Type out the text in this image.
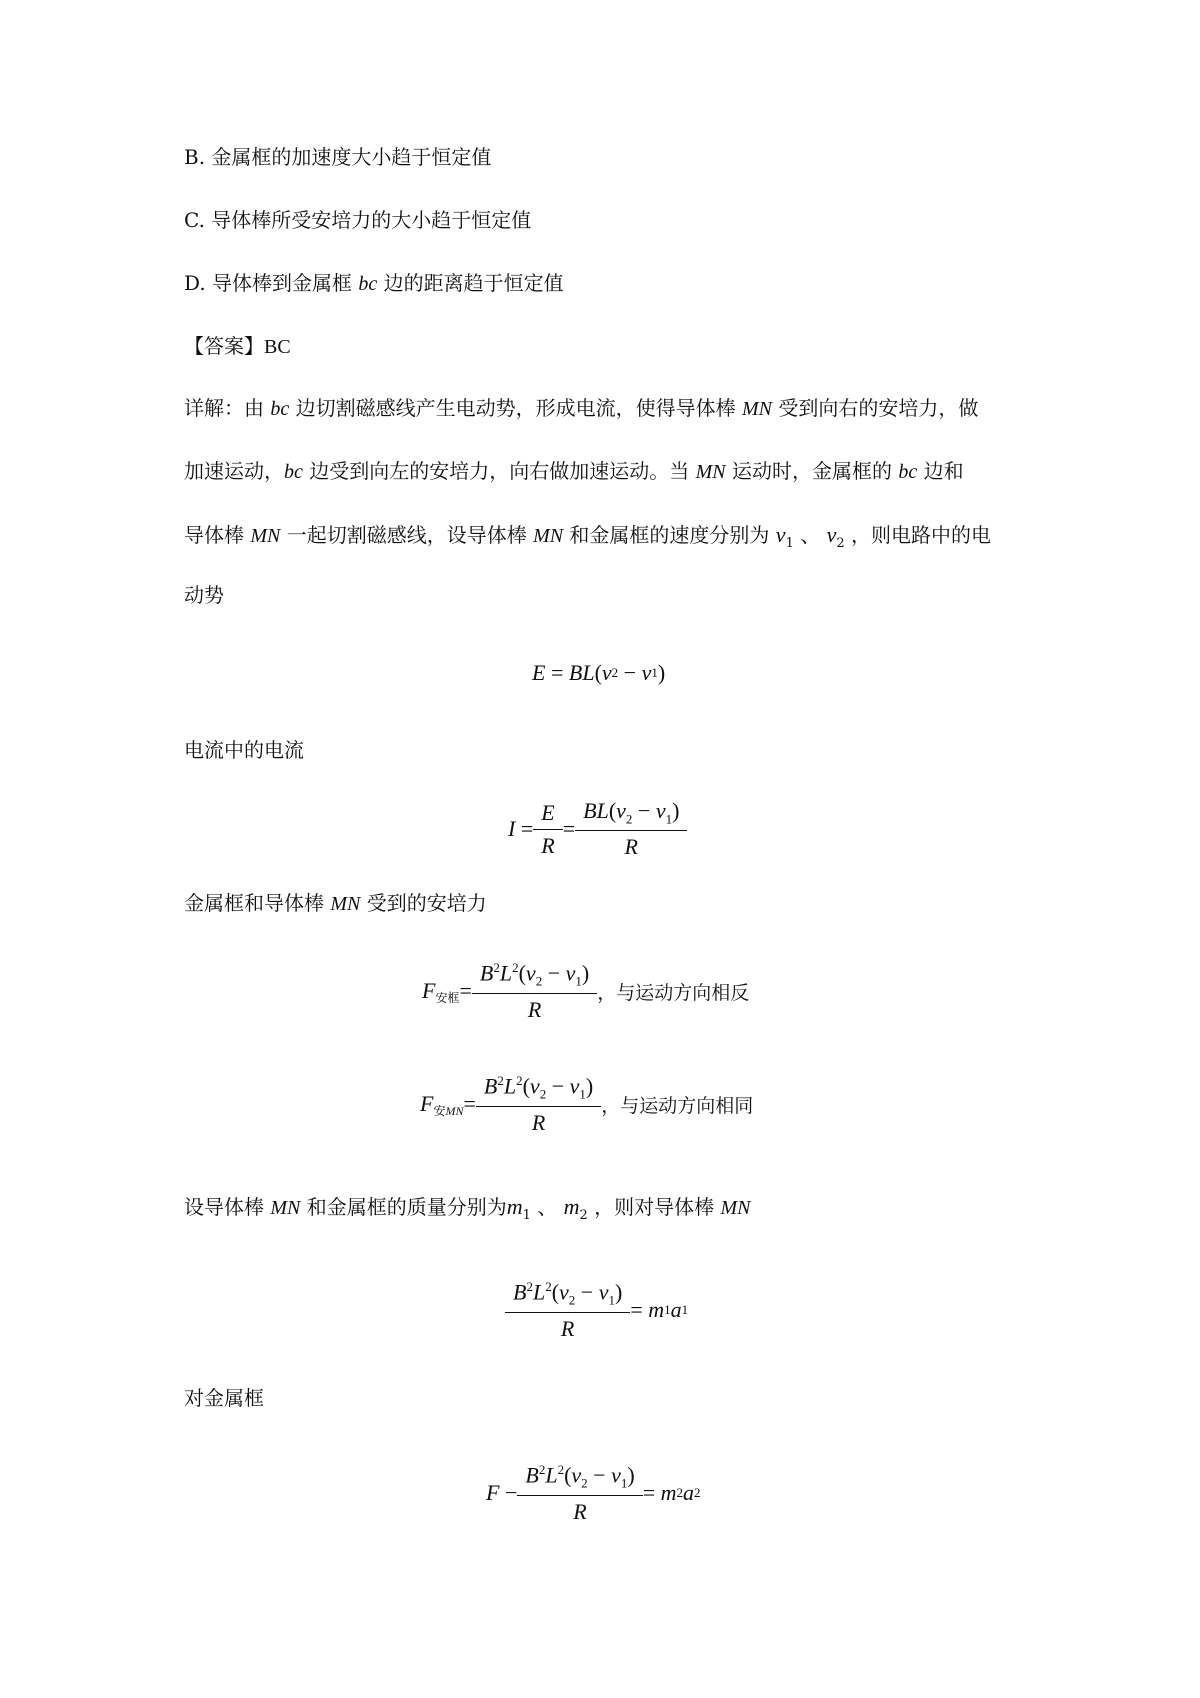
B. 金属框的加速度大小趋于恒定值
C. 导体棒所受安培力的大小趋于恒定值
D. 导体棒到金属框 bc 边的距离趋于恒定值
【答案】BC
详解：由 bc 边切割磁感线产生电动势，形成电流，使得导体棒 MN 受到向右的安培力，做
加速运动，bc 边受到向左的安培力，向右做加速运动。当 MN 运动时，金属框的 bc 边和
导体棒 MN 一起切割磁感线，设导体棒 MN 和金属框的速度分别为 $v_1$ 、 $v_2$ ，则电路中的电
动势
E = BL ( v 2 − v 1 )
电流中的电流
$I = \frac{E}{R} = \frac{BL(v_2 - v_1)}{R}$
金属框和导体棒 MN 受到的安培力
F 安框 = $\frac{B^2L^2(v_2 - v_1)}{R}$ ，与运动方向相反
F 安MN = $\frac{B^2L^2(v_2 - v_1)}{R}$ ，与运动方向相同
设导体棒 MN 和金属框的质量分别为$m_1$ 、 $m_2$ ，则对导体棒 MN
$\frac{B^2L^2(v_2 - v_1)}{R} = m$ 1 a 1
对金属框
$F - \frac{B^2L^2(v_2 - v_1)}{R} = m$ 2 a 2
